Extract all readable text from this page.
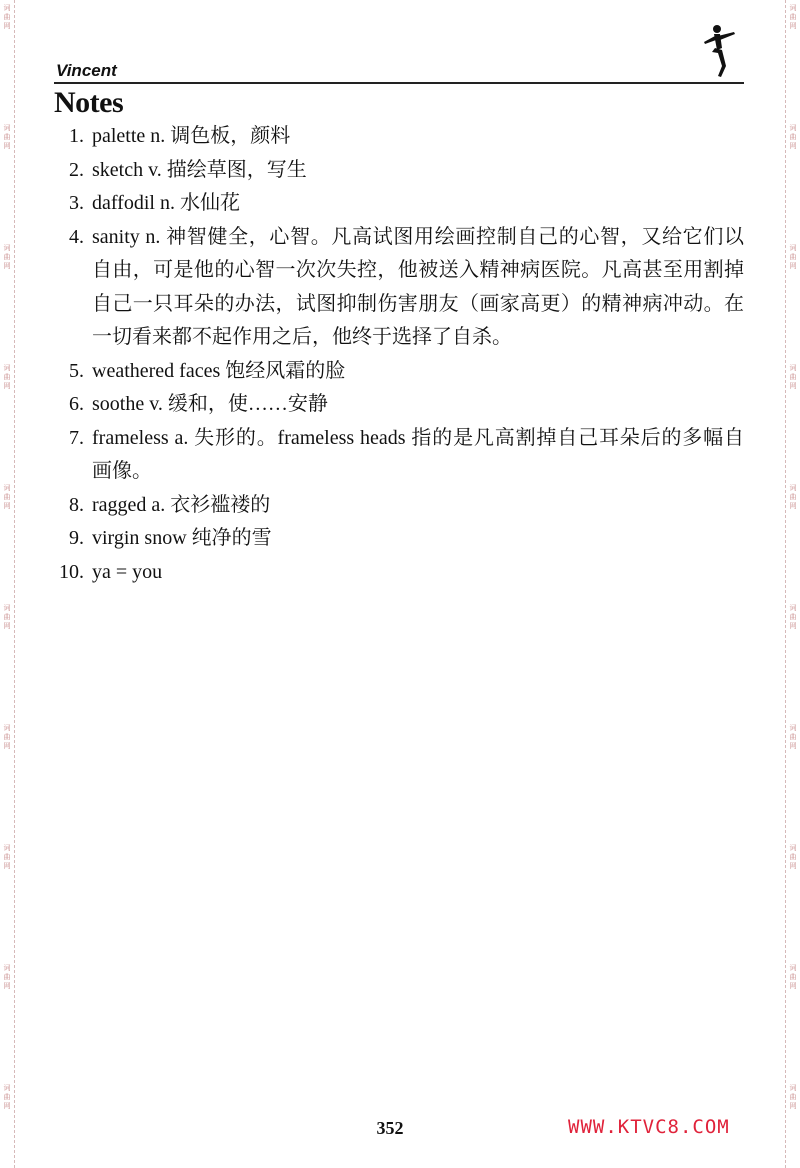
词曲网
词曲网
词曲网
词曲网
词曲网
词曲网
词曲网
词曲网
词曲网
词曲网
词曲网
词曲网
词曲网
词曲网
词曲网
词曲网
词曲网
词曲网
词曲网
词曲网
Vincent
Notes
1. palette n. 调色板，颜料
2. sketch v. 描绘草图，写生
3. daffodil n. 水仙花
4. sanity n. 神智健全，心智。凡高试图用绘画控制自己的心智，又给它们以自由，可是他的心智一次次失控，他被送入精神病医院。凡高甚至用割掉自己一只耳朵的办法，试图抑制伤害朋友（画家高更）的精神病冲动。在一切看来都不起作用之后，他终于选择了自杀。
5. weathered faces 饱经风霜的脸
6. soothe v. 缓和，使……安静
7. frameless a. 失形的。frameless heads 指的是凡高割掉自己耳朵后的多幅自画像。
8. ragged a. 衣衫褴褛的
9. virgin snow 纯净的雪
10. ya = you
352	WWW.KTVC8.COM
